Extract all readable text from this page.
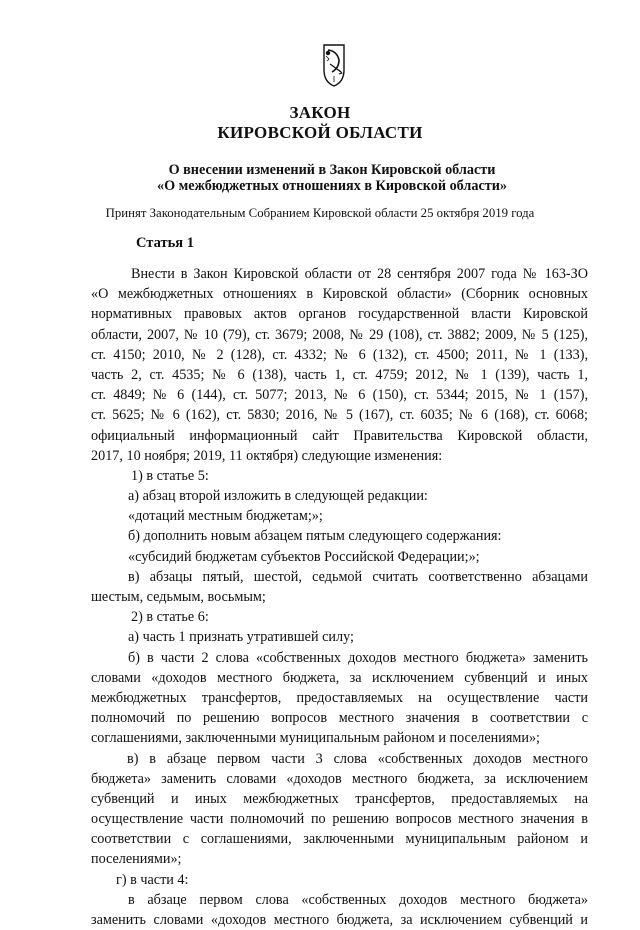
ЗАКОН
КИРОВСКОЙ ОБЛАСТИ
О внесении изменений в Закон Кировской области
«О межбюджетных отношениях в Кировской области»
Принят Законодательным Собранием Кировской области 25 октября 2019 года
Статья 1
Внести в Закон Кировской области от 28 сентября 2007 года № 163-ЗО
«О межбюджетных отношениях в Кировской области» (Сборник основных
нормативных правовых актов органов государственной власти Кировской
области, 2007, № 10 (79), ст. 3679; 2008, № 29 (108), ст. 3882; 2009, № 5 (125),
ст. 4150; 2010, № 2 (128), ст. 4332; № 6 (132), ст. 4500; 2011, № 1 (133),
часть 2, ст. 4535; № 6 (138), часть 1, ст. 4759; 2012, № 1 (139), часть 1,
ст. 4849; № 6 (144), ст. 5077; 2013, № 6 (150), ст. 5344; 2015, № 1 (157),
ст. 5625; № 6 (162), ст. 5830; 2016, № 5 (167), ст. 6035; № 6 (168), ст. 6068;
официальный информационный сайт Правительства Кировской области,
2017, 10 ноября; 2019, 11 октября) следующие изменения:
1) в статье 5:
а) абзац второй изложить в следующей редакции:
«дотаций местным бюджетам;»;
б) дополнить новым абзацем пятым следующего содержания:
«субсидий бюджетам субъектов Российской Федерации;»;
в) абзацы пятый, шестой, седьмой считать соответственно абзацами
шестым, седьмым, восьмым;
2) в статье 6:
а) часть 1 признать утратившей силу;
б) в части 2 слова «собственных доходов местного бюджета» заменить
словами «доходов местного бюджета, за исключением субвенций и иных
межбюджетных трансфертов, предоставляемых на осуществление части
полномочий по решению вопросов местного значения в соответствии с
соглашениями, заключенными муниципальным районом и поселениями»;
в) в абзаце первом части 3 слова «собственных доходов местного
бюджета» заменить словами «доходов местного бюджета, за исключением
субвенций и иных межбюджетных трансфертов, предоставляемых на
осуществление части полномочий по решению вопросов местного значения в
соответствии с соглашениями, заключенными муниципальным районом и
поселениями»;
г) в части 4:
в абзаце первом слова «собственных доходов местного бюджета»
заменить словами «доходов местного бюджета, за исключением субвенций и
